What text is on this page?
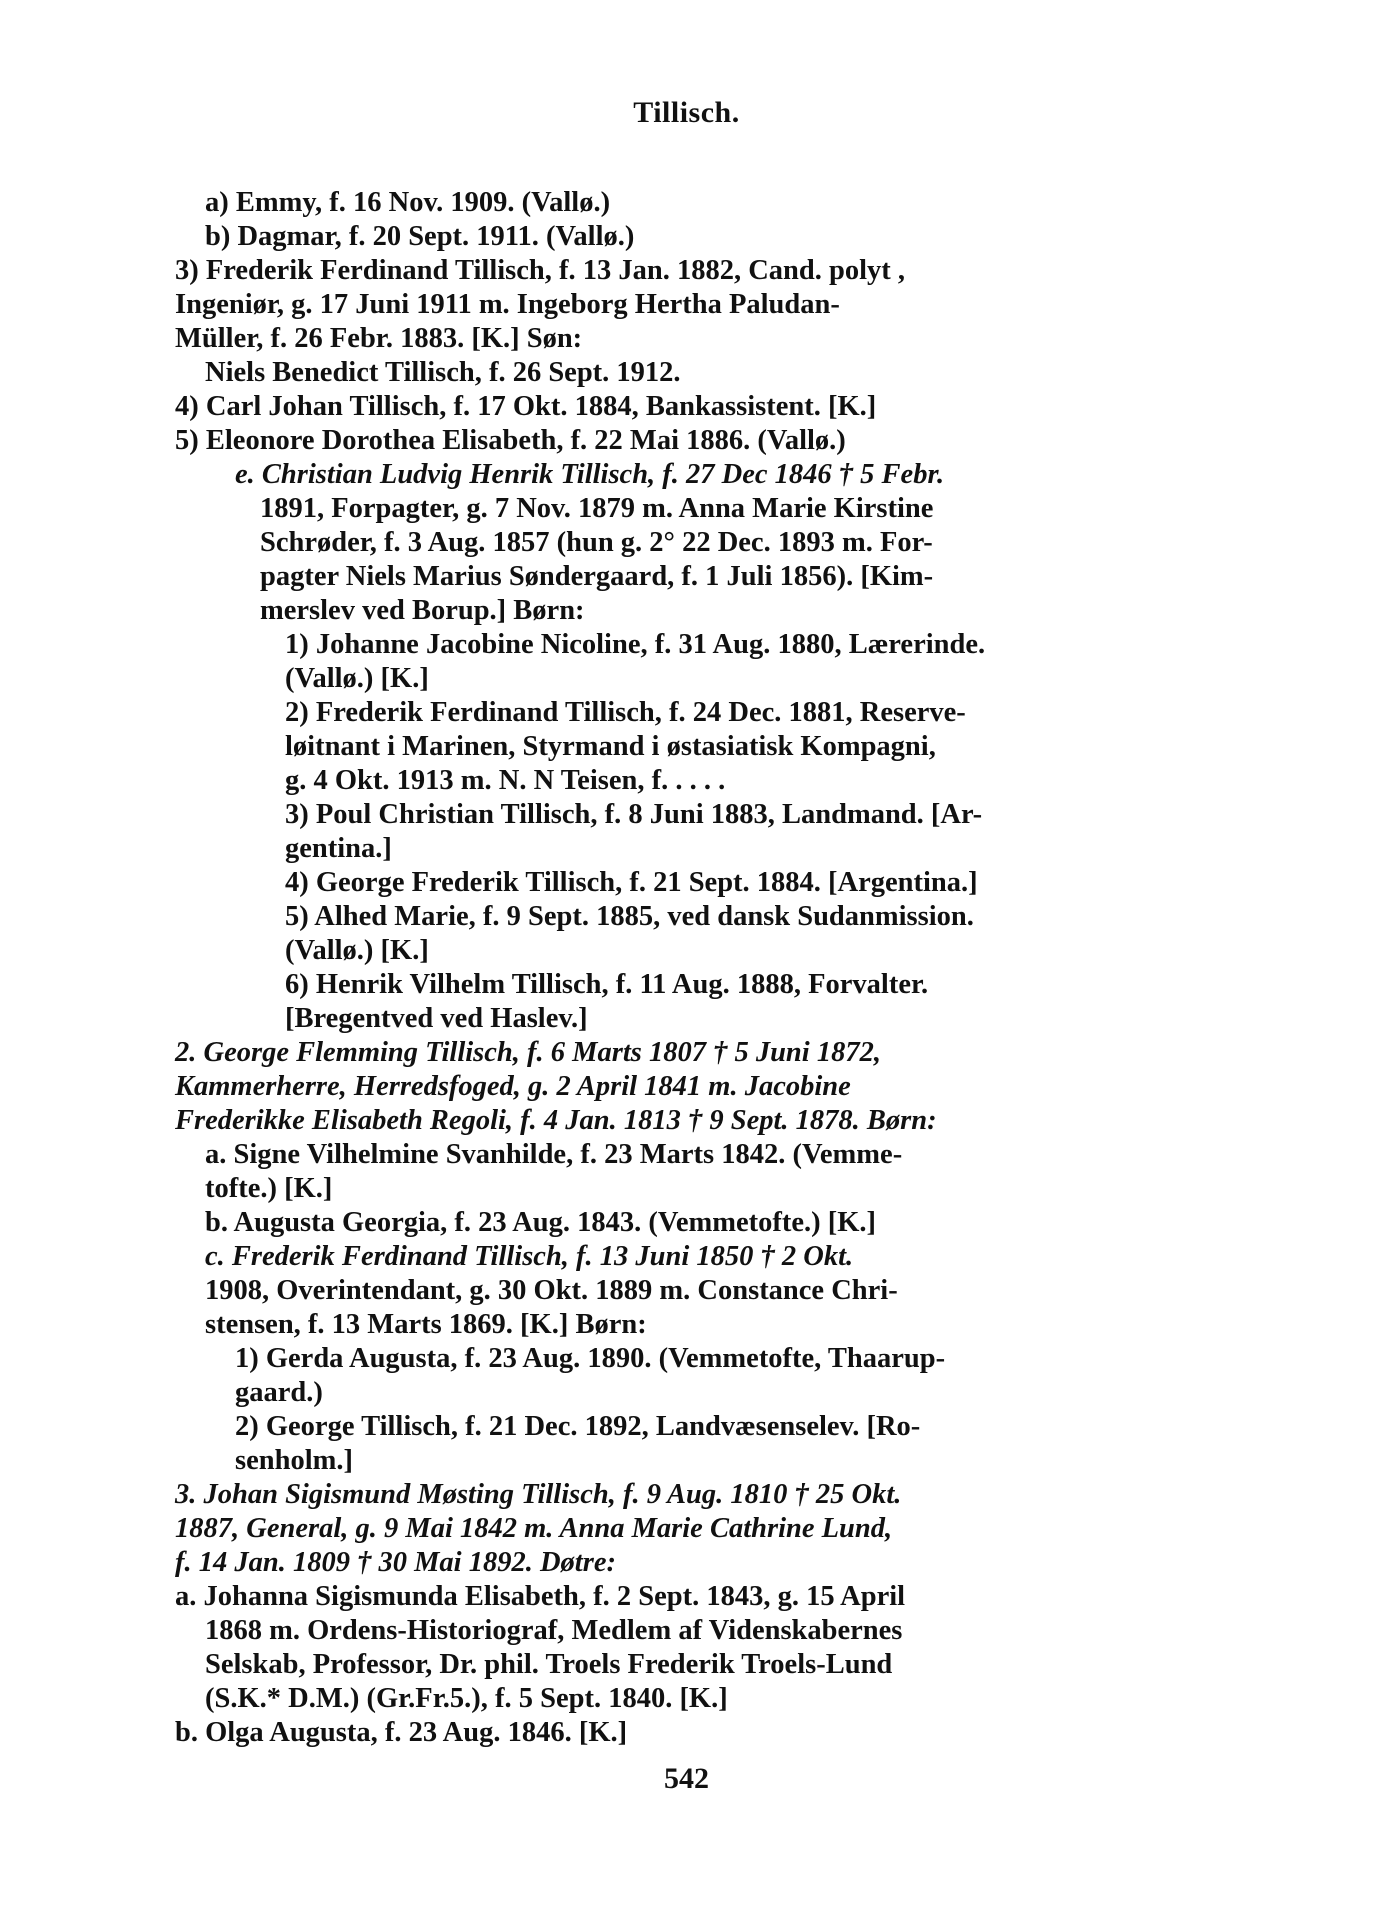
Tillisch.
a) Emmy, f. 16 Nov. 1909. (Vallø.)
b) Dagmar, f. 20 Sept. 1911. (Vallø.)
3) Frederik Ferdinand Tillisch, f. 13 Jan. 1882, Cand. polyt ,
Ingeniør, g. 17 Juni 1911 m. Ingeborg Hertha Paludan-
Müller, f. 26 Febr. 1883. [K.] Søn:
Niels Benedict Tillisch, f. 26 Sept. 1912.
4) Carl Johan Tillisch, f. 17 Okt. 1884, Bankassistent. [K.]
5) Eleonore Dorothea Elisabeth, f. 22 Mai 1886. (Vallø.)
e. Christian Ludvig Henrik Tillisch, f. 27 Dec 1846 † 5 Febr.
1891, Forpagter, g. 7 Nov. 1879 m. Anna Marie Kirstine
Schrøder, f. 3 Aug. 1857 (hun g. 2° 22 Dec. 1893 m. For-
pagter Niels Marius Søndergaard, f. 1 Juli 1856). [Kim-
merslev ved Borup.] Børn:
1) Johanne Jacobine Nicoline, f. 31 Aug. 1880, Lærerinde.
(Vallø.) [K.]
2) Frederik Ferdinand Tillisch, f. 24 Dec. 1881, Reserve-
løitnant i Marinen, Styrmand i østasiatisk Kompagni,
g. 4 Okt. 1913 m. N. N Teisen, f. . . . .
3) Poul Christian Tillisch, f. 8 Juni 1883, Landmand. [Ar-
gentina.]
4) George Frederik Tillisch, f. 21 Sept. 1884. [Argentina.]
5) Alhed Marie, f. 9 Sept. 1885, ved dansk Sudanmission.
(Vallø.) [K.]
6) Henrik Vilhelm Tillisch, f. 11 Aug. 1888, Forvalter.
[Bregentved ved Haslev.]
2. George Flemming Tillisch, f. 6 Marts 1807 † 5 Juni 1872,
Kammerherre, Herredsfoged, g. 2 April 1841 m. Jacobine
Frederikke Elisabeth Regoli, f. 4 Jan. 1813 † 9 Sept. 1878. Børn:
a. Signe Vilhelmine Svanhilde, f. 23 Marts 1842. (Vemme-
tofte.) [K.]
b. Augusta Georgia, f. 23 Aug. 1843. (Vemmetofte.) [K.]
c. Frederik Ferdinand Tillisch, f. 13 Juni 1850 † 2 Okt.
1908, Overintendant, g. 30 Okt. 1889 m. Constance Chri-
stensen, f. 13 Marts 1869. [K.] Børn:
1) Gerda Augusta, f. 23 Aug. 1890. (Vemmetofte, Thaarup-
gaard.)
2) George Tillisch, f. 21 Dec. 1892, Landvæsenselev. [Ro-
senholm.]
3. Johan Sigismund Møsting Tillisch, f. 9 Aug. 1810 † 25 Okt.
1887, General, g. 9 Mai 1842 m. Anna Marie Cathrine Lund,
f. 14 Jan. 1809 † 30 Mai 1892. Døtre:
a. Johanna Sigismunda Elisabeth, f. 2 Sept. 1843, g. 15 April
1868 m. Ordens-Historiograf, Medlem af Videnskabernes
Selskab, Professor, Dr. phil. Troels Frederik Troels-Lund
(S.K.* D.M.) (Gr.Fr.5.), f. 5 Sept. 1840. [K.]
b. Olga Augusta, f. 23 Aug. 1846. [K.]
542
